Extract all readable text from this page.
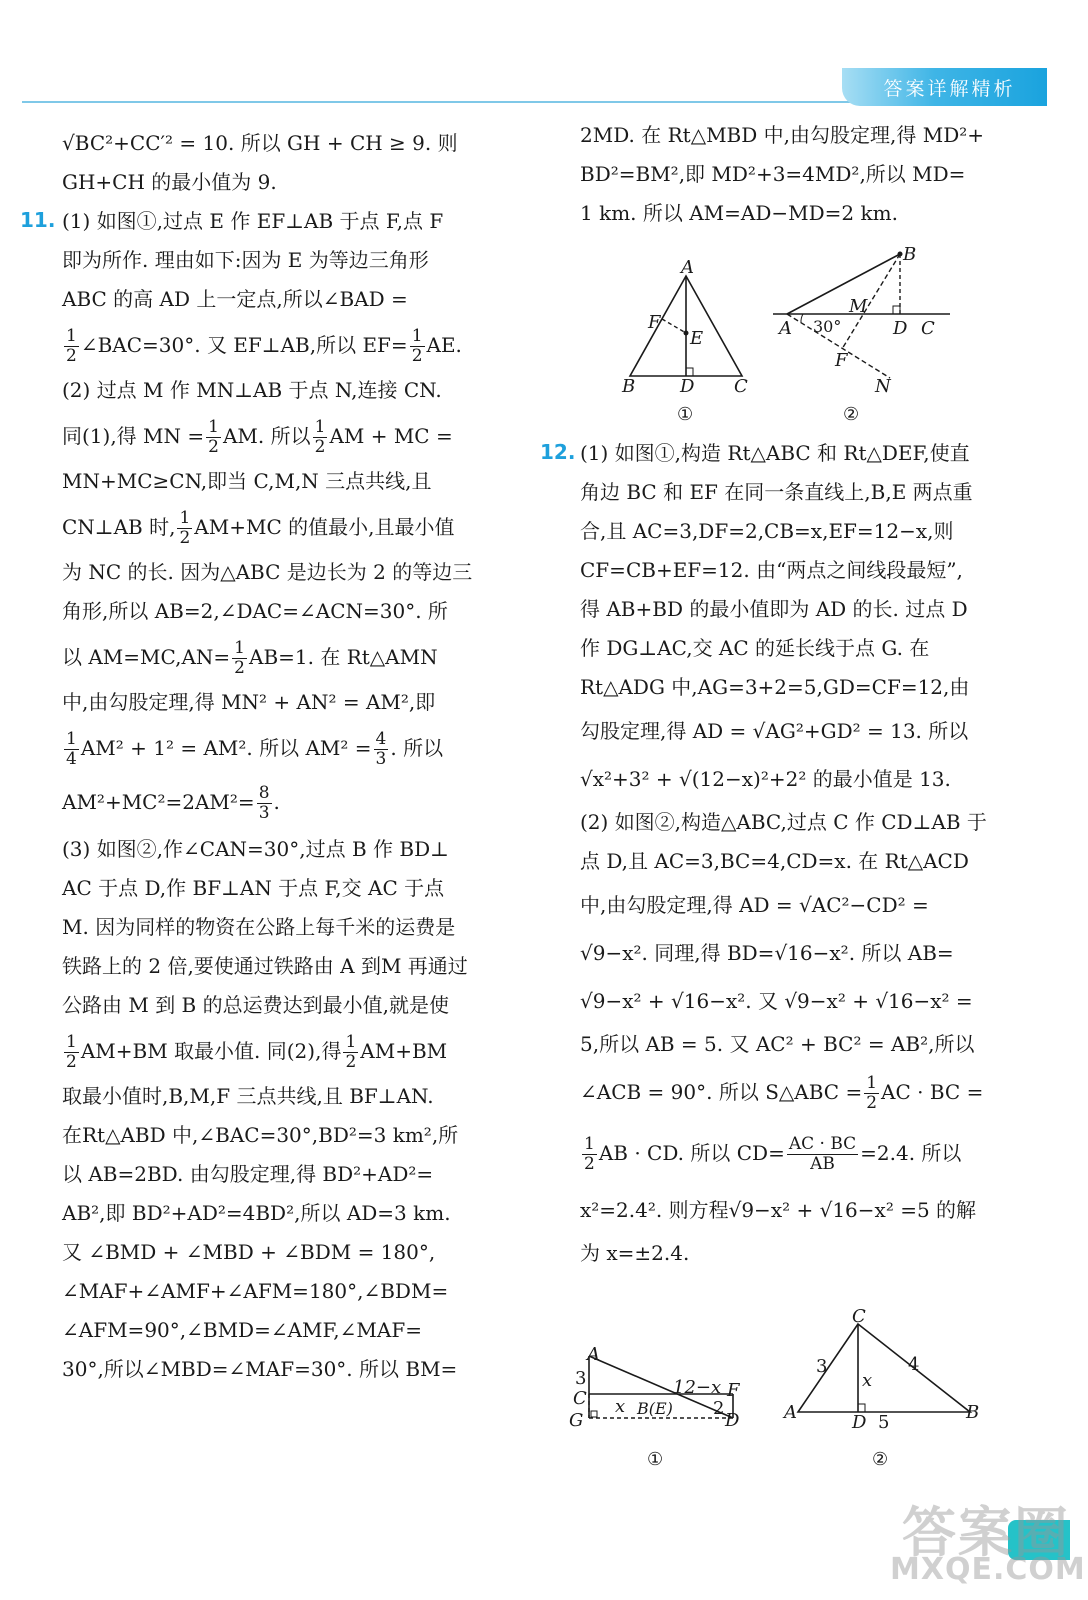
答案详解精析
11.
12.

√BC²+CC′² = 10. 所以 GH + CH ≥ 9. 则

GH+CH 的最小值为 9.

(1) 如图①,过点 E 作 EF⊥AB 于点 F,点 F

即为所作. 理由如下:因为 E 为等边三角形

ABC 的高 AD 上一定点,所以∠BAD =

$\frac{1}{2}$ ∠BAC=30°. 又 EF⊥AB,所以 $EF= \frac{1}{2}$ AE.

(2) 过点 M 作 MN⊥AB 于点 N,连接 CN.

同(1),得 MN = $\frac{1}{2}$ AM. 所以 $\frac{1}{2}$ AM + MC =

MN+MC≥CN,即当 C,M,N 三点共线,且

CN⊥AB 时, $\frac{1}{2} AM+MC$ 的值最小,且最小值

为 NC 的长. 因为△ABC 是边长为 2 的等边三

角形,所以 AB=2,∠DAC=∠ACN=30°. 所

以 $AM=MC,AN= \frac{1}{2} AB=1$. 在 Rt△AMN

中,由勾股定理,得 MN² + AN² = AM²,即

$\frac{1}{4} AM^2 + 1^2 = AM^2$. 所以 $AM^2 = \frac{4}{3}$ . 所以

$AM^2+MC^2=2AM^2= \frac{8}{3}$ .

(3) 如图②,作∠CAN=30°,过点 B 作 BD⊥

AC 于点 D,作 BF⊥AN 于点 F,交 AC 于点

M. 因为同样的物资在公路上每千米的运费是

铁路上的 2 倍,要使通过铁路由 A 到M 再通过

公路由 M 到 B 的总运费达到最小值,就是使

$\frac{1}{2} AM+BM$ 取最小值. 同(2),得 $\frac{1}{2} AM+BM$

取最小值时,B,M,F 三点共线,且 BF⊥AN.

在Rt△ABD 中,∠BAC=30°,BD²=3 km²,所

以 AB=2BD. 由勾股定理,得 BD²+AD²=

AB²,即 BD²+AD²=4BD²,所以 AD=3 km.

又 ∠BMD + ∠MBD + ∠BDM = 180°,

∠MAF+∠AMF+∠AFM=180°,∠BDM=

∠AFM=90°,∠BMD=∠AMF,∠MAF=

30°,所以∠MBD=∠MAF=30°. 所以 BM=

2MD. 在 Rt△MBD 中,由勾股定理,得 MD²+

BD²=BM²,即 MD²+3=4MD²,所以 MD=

1 km. 所以 AM=AD−MD=2 km.

A
F
E
B D C
①
B
M
A 30°	D C
F
N
②

(1) 如图①,构造 Rt△ABC 和 Rt△DEF,使直

角边 BC 和 EF 在同一条直线上,B,E 两点重

合,且 AC=3,DF=2,CB=x,EF=12−x,则

CF=CB+EF=12. 由“两点之间线段最短”,

得 AB+BD 的最小值即为 AD 的长. 过点 D

作 DG⊥AC,交 AC 的延长线于点 G. 在

Rt△ADG 中,AG=3+2=5,GD=CF=12,由

勾股定理,得 AD = √AG²+GD² = 13. 所以

√x²+3² + √(12−x)²+2² 的最小值是 13.

(2) 如图②,构造△ABC,过点 C 作 CD⊥AB 于

点 D,且 AC=3,BC=4,CD=x. 在 Rt△ACD

中,由勾股定理,得 AD = √AC²−CD² =

√9−x². 同理,得 BD=√16−x². 所以 AB=

√9−x² + √16−x². 又 √9−x² + √16−x² =

5,所以 AB = 5. 又 AC² + BC² = AB²,所以

∠ACB = 90°. 所以 S△ABC = $\frac{1}{2}$ AC · BC =

$\frac{1}{2}$ AB · CD. 所以 $CD= \frac{AC \cdot BC}{AB} =2.4$. 所以

x²=2.4². 则方程√9−x² + √16−x² =5 的解

为 x=±2.4.

A
3
C
G
x B(E)
12−x F
2
D
①
C
3	4
x
A	D 5	B
②
答案圈
MXQE.COM
